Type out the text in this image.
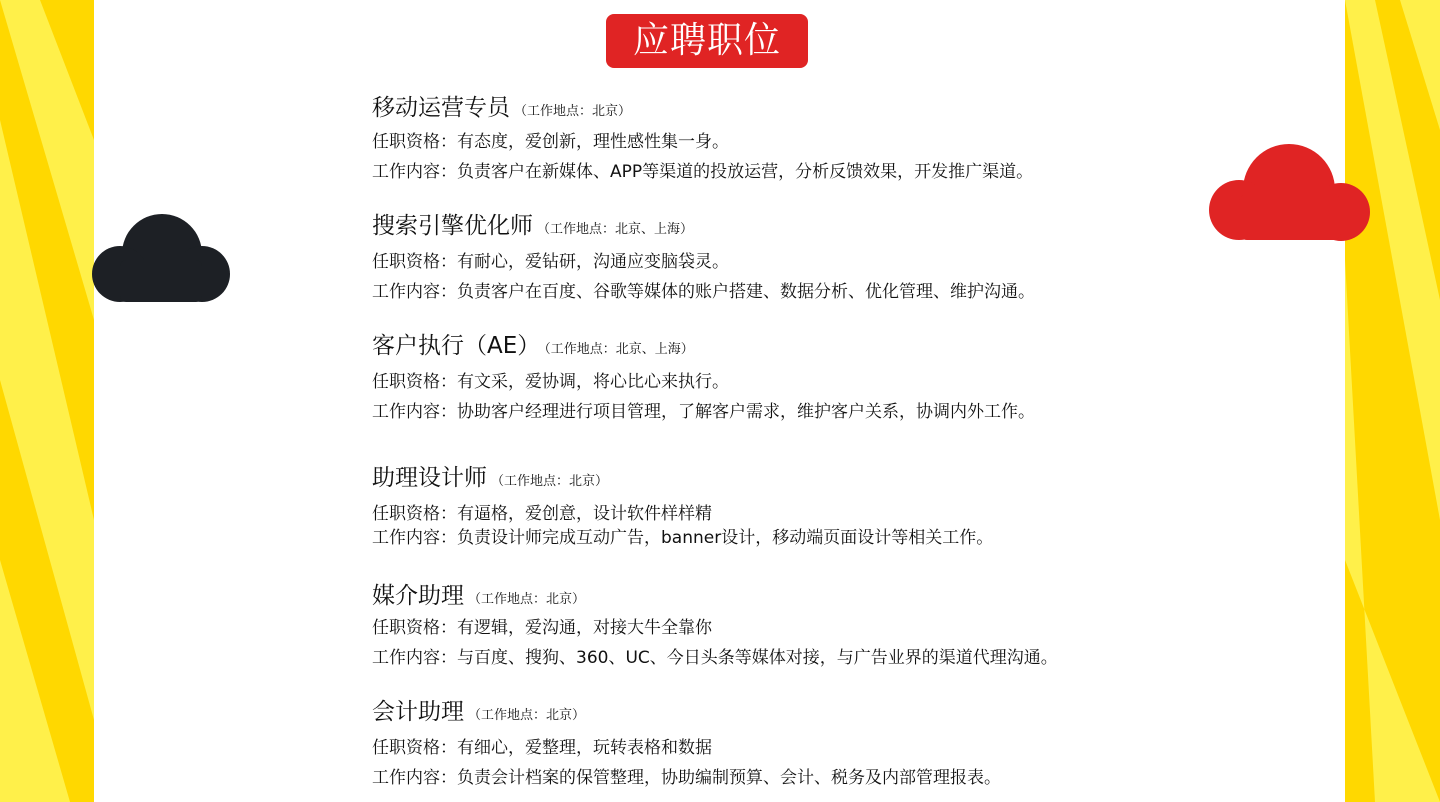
应聘职位
移动运营专员 （工作地点：北京）
任职资格：有态度，爱创新，理性感性集一身。
工作内容：负责客户在新媒体、APP等渠道的投放运营，分析反馈效果，开发推广渠道。
搜索引擎优化师 （工作地点：北京、上海）
任职资格：有耐心，爱钻研，沟通应变脑袋灵。
工作内容：负责客户在百度、谷歌等媒体的账户搭建、数据分析、优化管理、维护沟通。
客户执行（AE） （工作地点：北京、上海）
任职资格：有文采，爱协调，将心比心来执行。
工作内容：协助客户经理进行项目管理，了解客户需求，维护客户关系，协调内外工作。
助理设计师 （工作地点：北京）
任职资格：有逼格，爱创意，设计软件样样精
工作内容：负责设计师完成互动广告，banner设计，移动端页面设计等相关工作。
媒介助理 （工作地点：北京）
任职资格：有逻辑，爱沟通，对接大牛全靠你
工作内容：与百度、搜狗、360、UC、今日头条等媒体对接，与广告业界的渠道代理沟通。
会计助理 （工作地点：北京）
任职资格：有细心，爱整理，玩转表格和数据
工作内容：负责会计档案的保管整理，协助编制预算、会计、税务及内部管理报表。
